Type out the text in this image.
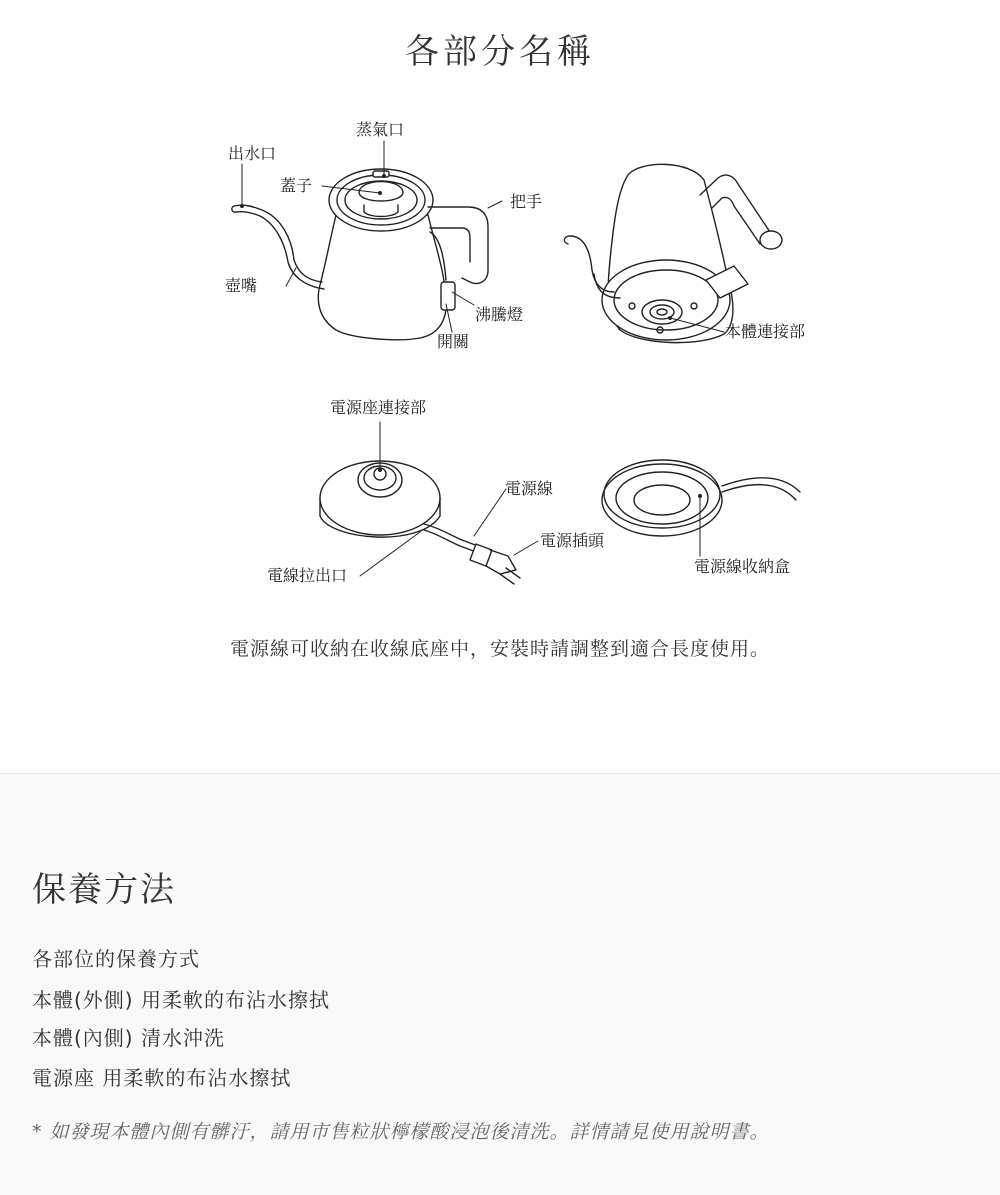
各部分名稱
蒸氣口
出水口
蓋子
把手
壺嘴
沸騰燈
開關
本體連接部
電源座連接部
電源線
電源插頭
電線拉出口	電源線收納盒
電源線可收納在收線底座中，安裝時請調整到適合長度使用。
保養方法
各部位的保養方式
本體(外側) 用柔軟的布沾水擦拭
本體(內側) 清水沖洗
電源座 用柔軟的布沾水擦拭
* 如發現本體內側有髒汙，請用市售粒狀檸檬酸浸泡後清洗。詳情請見使用說明書。
